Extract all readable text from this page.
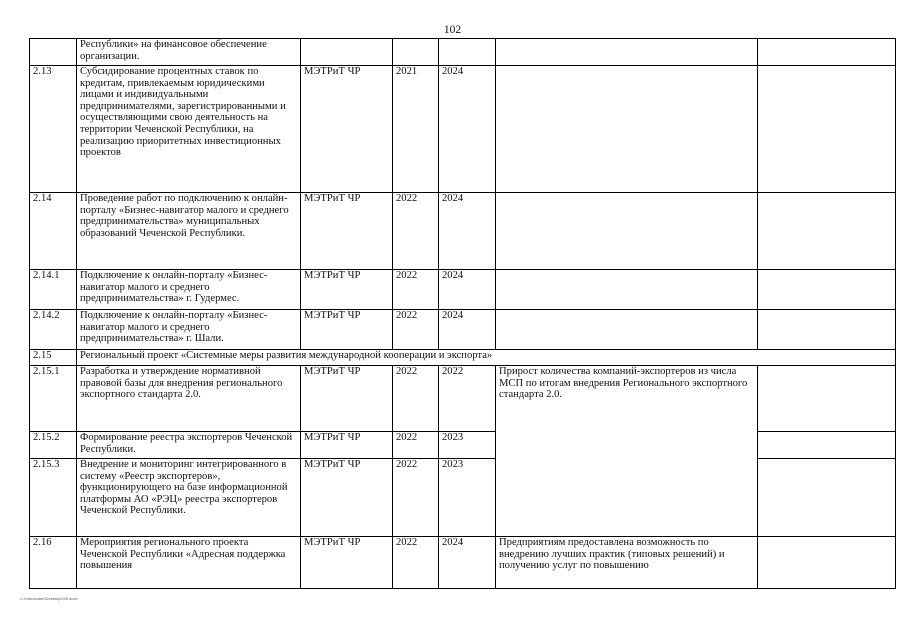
102
	Республики» на финансовое обеспечение организации.					
2.13	Субсидирование процентных ставок по кредитам, привлекаемым юридическими лицами и индивидуальными предпринимателями, зарегистрированными и осуществляющими свою деятельность на территории Чеченской Республики, на реализацию приоритетных инвестиционных проектов	МЭТРиТ ЧР	2021	2024		
2.14	Проведение работ по подключению к онлайн-порталу «Бизнес-навигатор малого и среднего предпринимательства» муниципальных образований Чеченской Республики.	МЭТРиТ ЧР	2022	2024		
2.14.1	Подключение к онлайн-порталу «Бизнес-навигатор малого и среднего предпринимательства» г. Гудермес.	МЭТРиТ ЧР	2022	2024		
2.14.2	Подключение к онлайн-порталу «Бизнес-навигатор малого и среднего предпринимательства» г. Шали.	МЭТРиТ ЧР	2022	2024		
2.15	Региональный проект «Системные меры развития международной кооперации и экспорта»					
2.15.1	Разработка и утверждение нормативной правовой базы для внедрения регионального экспортного стандарта 2.0.	МЭТРиТ ЧР	2022	2022	Прирост количества компаний-экспортеров из числа МСП по итогам внедрения Регионального экспортного стандарта 2.0.	
2.15.2	Формирование реестра экспортеров Чеченской Республики.	МЭТРиТ ЧР	2022	2023		
2.15.3	Внедрение и мониторинг интегрированного в систему «Реестр экспортеров», функционирующего на базе информационной платформы АО «РЭЦ» реестра экспортеров Чеченской Республики.	МЭТРиТ ЧР	2022	2023		
2.16	Мероприятия регионального проекта Чеченской Республики «Адресная поддержка повышения	МЭТРиТ ЧР	2022	2024	Предприятиям предоставлена возможность по внедрению лучших практик (типовых решений) и получению услуг по повышению	
C:\Users\user\Desktop\200.docx
